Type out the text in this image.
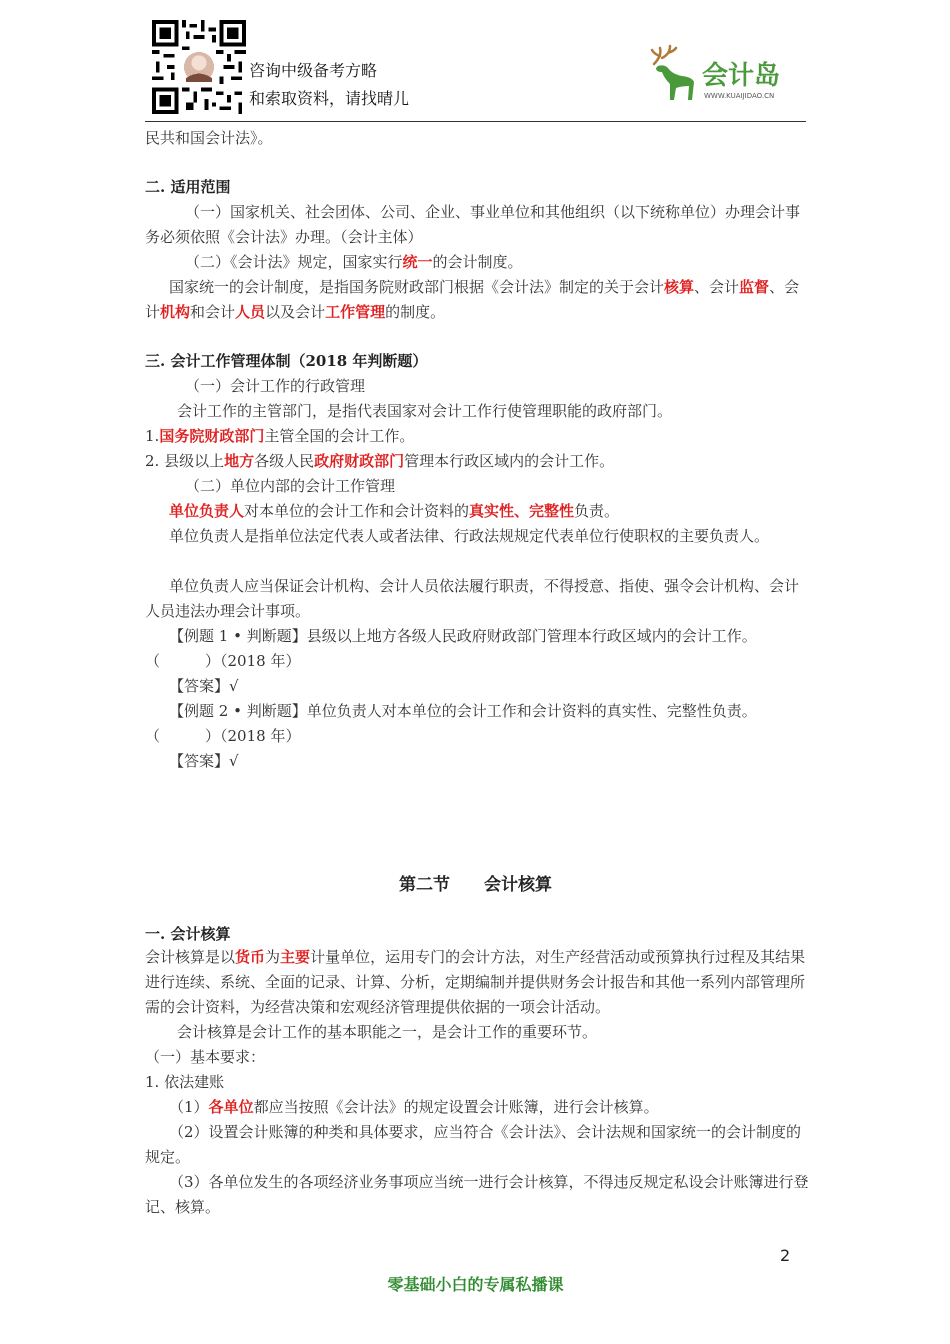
咨询中级备考方略
和索取资料，请找晴儿
会计岛
WWW.KUAIJIDAO.CN
民共和国会计法》。
二. 适用范围
（一）国家机关、社会团体、公司、企业、事业单位和其他组织（以下统称单位）办理会计事务必须依照《会计法》办理。（会计主体）
（二）《会计法》规定，国家实行统一的会计制度。
国家统一的会计制度，是指国务院财政部门根据《会计法》制定的关于会计核算、会计监督、会计机构和会计人员以及会计工作管理的制度。
三. 会计工作管理体制（2018 年判断题）
（一）会计工作的行政管理
会计工作的主管部门，是指代表国家对会计工作行使管理职能的政府部门。
1.国务院财政部门主管全国的会计工作。
2. 县级以上地方各级人民政府财政部门管理本行政区域内的会计工作。
（二）单位内部的会计工作管理
单位负责人对本单位的会计工作和会计资料的真实性、完整性负责。
单位负责人是指单位法定代表人或者法律、行政法规规定代表单位行使职权的主要负责人。
单位负责人应当保证会计机构、会计人员依法履行职责，不得授意、指使、强令会计机构、会计人员违法办理会计事项。
【例题 1 • 判断题】县级以上地方各级人民政府财政部门管理本行政区域内的会计工作。
（　　　）（2018 年）
【答案】√
【例题 2 • 判断题】单位负责人对本单位的会计工作和会计资料的真实性、完整性负责。
（　　　）（2018 年）
【答案】√
第二节　　会计核算
一. 会计核算
会计核算是以货币为主要计量单位，运用专门的会计方法，对生产经营活动或预算执行过程及其结果进行连续、系统、全面的记录、计算、分析，定期编制并提供财务会计报告和其他一系列内部管理所需的会计资料，为经营决策和宏观经济管理提供依据的一项会计活动。
会计核算是会计工作的基本职能之一，是会计工作的重要环节。
（一）基本要求：
1. 依法建账
（1）各单位都应当按照《会计法》的规定设置会计账簿，进行会计核算。
（2）设置会计账簿的种类和具体要求，应当符合《会计法》、会计法规和国家统一的会计制度的规定。
（3）各单位发生的各项经济业务事项应当统一进行会计核算，不得违反规定私设会计账簿进行登记、核算。
2
零基础小白的专属私播课
